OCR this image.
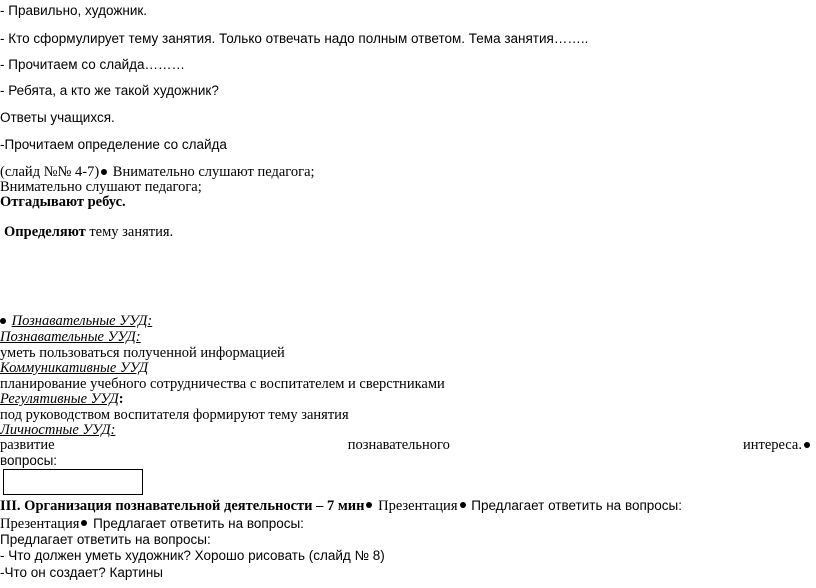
- Правильно, художник.
- Кто сформулирует тему занятия. Только отвечать надо полным ответом. Тема занятия……..
- Прочитаем со слайда………
- Ребята, а кто же такой художник?
Ответы учащихся.
-Прочитаем определение со слайда
(слайд №№ 4-7) Внимательно слушают педагога;
Внимательно слушают педагога;
Отгадывают ребус.
Определяют тему занятия.
Познавательные УУД:
Познавательные УУД:
уметь пользоваться полученной информацией
Коммуникативные УУД
планирование учебного сотрудничества с воспитателем и сверстниками
Регулятивные УУД:
под руководством воспитателя формируют тему занятия
Личностные УУД:
развитие	познавательного	интереса.
вопросы:
III. Организация познавательной деятельности – 7 мин Презентация Предлагает ответить на вопросы:
Презентация Предлагает ответить на вопросы:
Предлагает ответить на вопросы:
- Что должен уметь художник? Хорошо рисовать (слайд № 8)
-Что он создает? Картины
